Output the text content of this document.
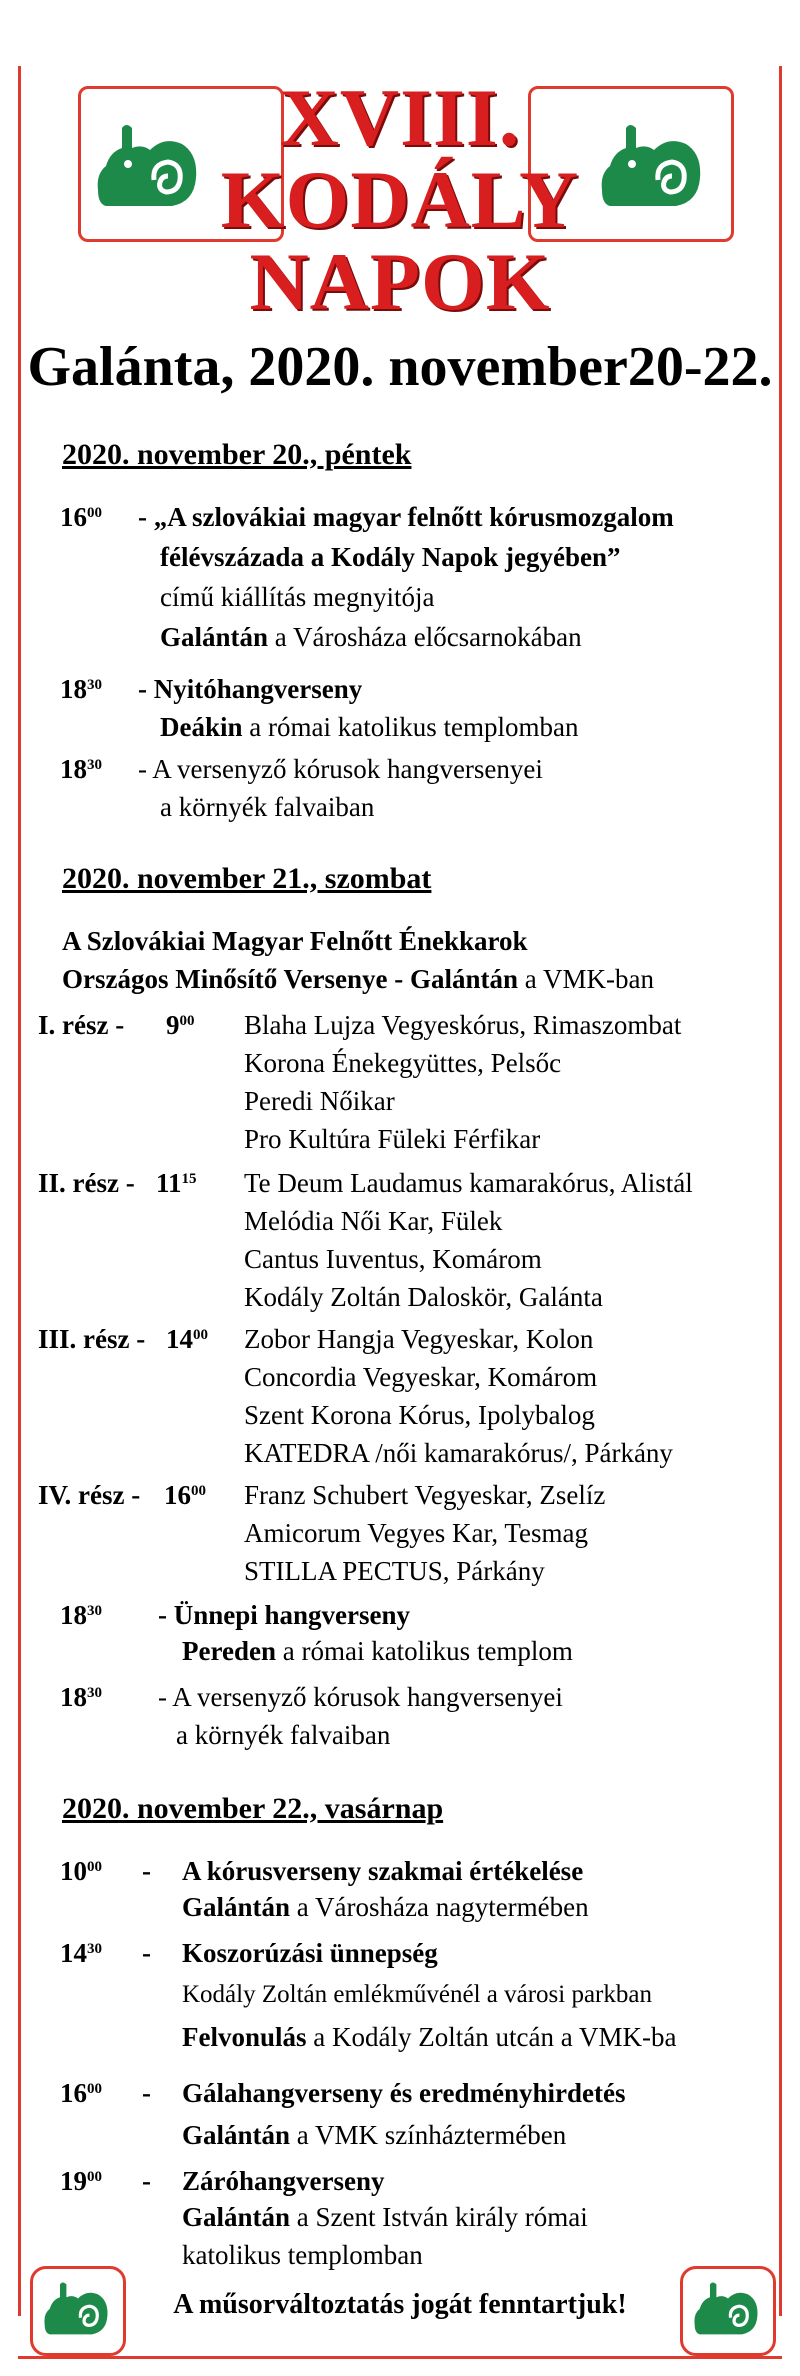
XVIII.
KODÁLY
NAPOK
Galánta, 2020. november20-22.
2020. november 20., péntek
$16^{00}$ - „A szlovákiai magyar felnőtt kórusmozgalom
félévszázada a Kodály Napok jegyében”
című kiállítás megnyitója
Galántán a Városháza előcsarnokában
$18^{30}$ - Nyitóhangverseny
Deákin a római katolikus templomban
$18^{30}$ - A versenyző kórusok hangversenyei
a környék falvaiban
2020. november 21., szombat
A Szlovákiai Magyar Felnőtt Énekkarok
Országos Minősítő Versenye - Galántán a VMK-ban
I. rész - $9^{00}$ Blaha Lujza Vegyeskórus, Rimaszombat
Korona Énekegyüttes, Pelsőc
Peredi Nőikar
Pro Kultúra Füleki Férfikar
II. rész - $11^{15}$ Te Deum Laudamus kamarakórus, Alistál
Melódia Női Kar, Fülek
Cantus Iuventus, Komárom
Kodály Zoltán Daloskör, Galánta
III. rész - $14^{00}$ Zobor Hangja Vegyeskar, Kolon
Concordia Vegyeskar, Komárom
Szent Korona Kórus, Ipolybalog
KATEDRA /női kamarakórus/, Párkány
IV. rész - $16^{00}$ Franz Schubert Vegyeskar, Zselíz
Amicorum Vegyes Kar, Tesmag
STILLA PECTUS, Párkány
$18^{30}$ - Ünnepi hangverseny
Pereden a római katolikus templom
$18^{30}$ - A versenyző kórusok hangversenyei
a környék falvaiban
2020. november 22., vasárnap
$10^{00}$ - A kórusverseny szakmai értékelése
Galántán a Városháza nagytermében
$14^{30}$ - Koszorúzási ünnepség
Kodály Zoltán emlékművénél a városi parkban
Felvonulás a Kodály Zoltán utcán a VMK-ba
$16^{00}$ - Gálahangverseny és eredményhirdetés
Galántán a VMK színháztermében
$19^{00}$ - Záróhangverseny
Galántán a Szent István király római
katolikus templomban
A műsorváltoztatás jogát fenntartjuk!
